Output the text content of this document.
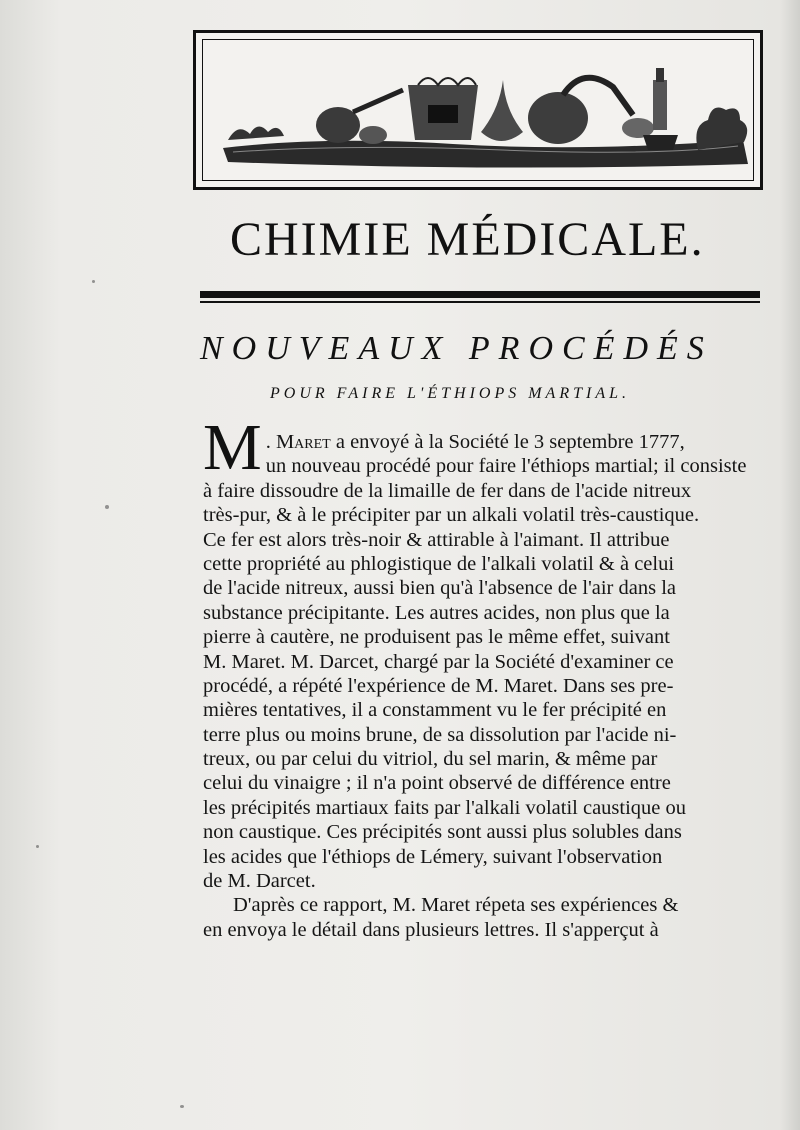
CHIMIE MÉDICALE.
NOUVEAUX PROCÉDÉS
POUR FAIRE L'ÉTHIOPS MARTIAL.
M . Maret a envoyé à la Société le 3 septembre 1777,
un nouveau procédé pour faire l'éthiops martial; il consiste
à faire dissoudre de la limaille de fer dans de l'acide nitreux
très-pur, & à le précipiter par un alkali volatil très-caustique.
Ce fer est alors très-noir & attirable à l'aimant. Il attribue
cette propriété au phlogistique de l'alkali volatil & à celui
de l'acide nitreux, aussi bien qu'à l'absence de l'air dans la
substance précipitante. Les autres acides, non plus que la
pierre à cautère, ne produisent pas le même effet, suivant
M. Maret. M. Darcet, chargé par la Société d'examiner ce
procédé, a répété l'expérience de M. Maret. Dans ses pre-
mières tentatives, il a constamment vu le fer précipité en
terre plus ou moins brune, de sa dissolution par l'acide ni-
treux, ou par celui du vitriol, du sel marin, & même par
celui du vinaigre ; il n'a point observé de différence entre
les précipités martiaux faits par l'alkali volatil caustique ou
non caustique. Ces précipités sont aussi plus solubles dans
les acides que l'éthiops de Lémery, suivant l'observation
de M. Darcet.
D'après ce rapport, M. Maret répeta ses expériences &
en envoya le détail dans plusieurs lettres. Il s'apperçut à
